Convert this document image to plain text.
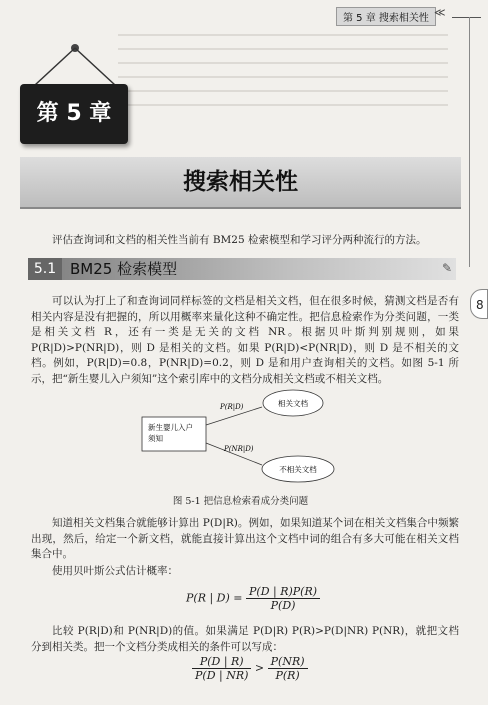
第 5 章 搜索相关性 ≪
8
第 5 章
搜索相关性
评估查询词和文档的相关性当前有 BM25 检索模型和学习评分两种流行的方法。
5.1 BM25 检索模型	✎
可以认为打上了和查询词同样标签的文档是相关文档，但在很多时候，猜测文档是否有相关内容是没有把握的，所以用概率来量化这种不确定性。把信息检索作为分类问题，一类是相关文档 R，还有一类是无关的文档 NR。根据贝叶斯判别规则，如果 P(R|D)>P(NR|D)，则 D 是相关的文档。如果 P(R|D)<P(NR|D)，则 D 是不相关的文档。例如，P(R|D)=0.8，P(NR|D)=0.2，则 D 是和用户查询相关的文档。如图 5-1 所示，把“新生婴儿入户须知”这个索引库中的文档分成相关文档或不相关文档。
新生婴儿入户须知
P(R|D)
P(NR|D)
相关文档
不相关文档
图 5-1 把信息检索看成分类问题
知道相关文档集合就能够计算出 P(D|R)。例如，如果知道某个词在相关文档集合中频繁出现，然后，给定一个新文档，就能直接计算出这个文档中词的组合有多大可能在相关文档集合中。
使用贝叶斯公式估计概率：
P(R | $D) = \frac{P(D | R)P(R)}{P(D)}$
比较 P(R|D)和 P(NR|D)的值。如果满足 P(D|R) P(R)>P(D|NR) P(NR)，就把文档分到相关类。把一个文档分类成相关的条件可以写成：
$\frac{P(D | R)}{P(D | NR)} > \frac{P(NR)}{P(R)}$
